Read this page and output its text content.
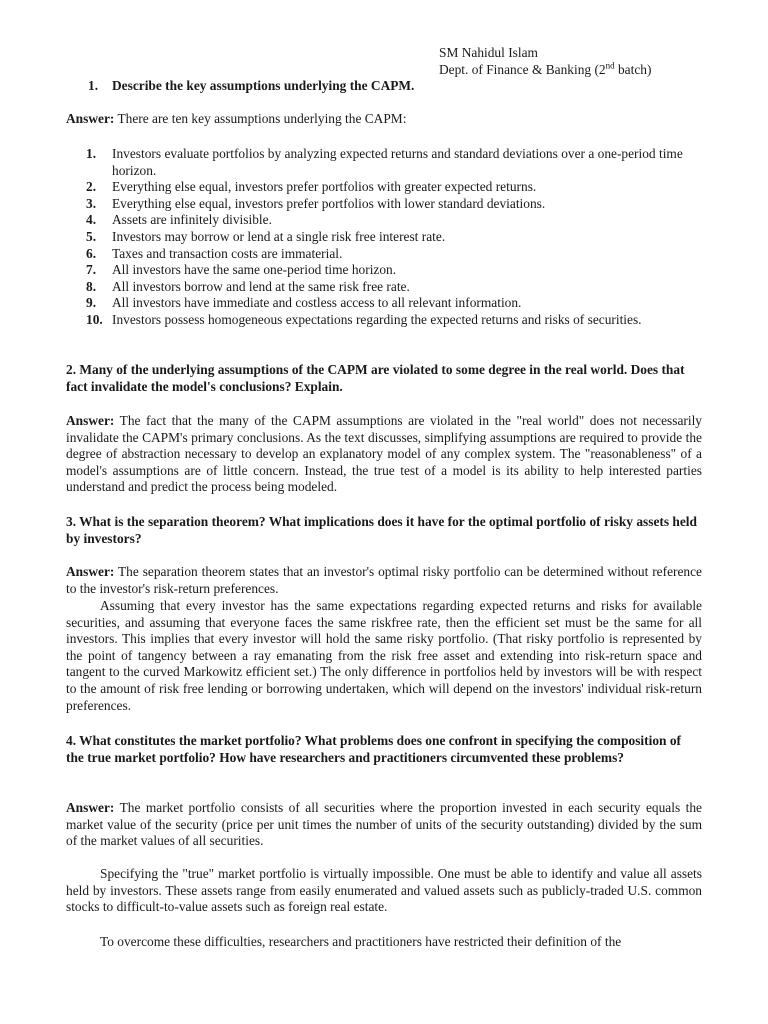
SM Nahidul Islam
Dept. of Finance & Banking (2nd batch)
1. Describe the key assumptions underlying the CAPM.

Answer: There are ten key assumptions underlying the CAPM:

1. Investors evaluate portfolios by analyzing expected returns and standard deviations over a one-period time horizon.
2. Everything else equal, investors prefer portfolios with greater expected returns.
3. Everything else equal, investors prefer portfolios with lower standard deviations.
4. Assets are infinitely divisible.
5. Investors may borrow or lend at a single risk free interest rate.
6. Taxes and transaction costs are immaterial.
7. All investors have the same one-period time horizon.
8. All investors borrow and lend at the same risk free rate.
9. All investors have immediate and costless access to all relevant information.
10. Investors possess homogeneous expectations regarding the expected returns and risks of securities.

2. Many of the underlying assumptions of the CAPM are violated to some degree in the real world. Does that fact invalidate the model's conclusions? Explain.

Answer: The fact that the many of the CAPM assumptions are violated in the "real world" does not necessarily invalidate the CAPM's primary conclusions. As the text discusses, simplifying assumptions are required to provide the degree of abstraction necessary to develop an explanatory model of any complex system. The "reasonableness" of a model's assumptions are of little concern. Instead, the true test of a model is its ability to help interested parties understand and predict the process being modeled.

3. What is the separation theorem? What implications does it have for the optimal portfolio of risky assets held by investors?

Answer: The separation theorem states that an investor's optimal risky portfolio can be determined without reference to the investor's risk-return preferences.

Assuming that every investor has the same expectations regarding expected returns and risks for available securities, and assuming that everyone faces the same riskfree rate, then the efficient set must be the same for all investors. This implies that every investor will hold the same risky portfolio. (That risky portfolio is represented by the point of tangency between a ray emanating from the risk free asset and extending into risk-return space and tangent to the curved Markowitz efficient set.) The only difference in portfolios held by investors will be with respect to the amount of risk free lending or borrowing undertaken, which will depend on the investors' individual risk-return preferences.

4. What constitutes the market portfolio? What problems does one confront in specifying the composition of the true market portfolio? How have researchers and practitioners circumvented these problems?

Answer: The market portfolio consists of all securities where the proportion invested in each security equals the market value of the security (price per unit times the number of units of the security outstanding) divided by the sum of the market values of all securities.

Specifying the "true" market portfolio is virtually impossible. One must be able to identify and value all assets held by investors. These assets range from easily enumerated and valued assets such as publicly-traded U.S. common stocks to difficult-to-value assets such as foreign real estate.

To overcome these difficulties, researchers and practitioners have restricted their definition of the
